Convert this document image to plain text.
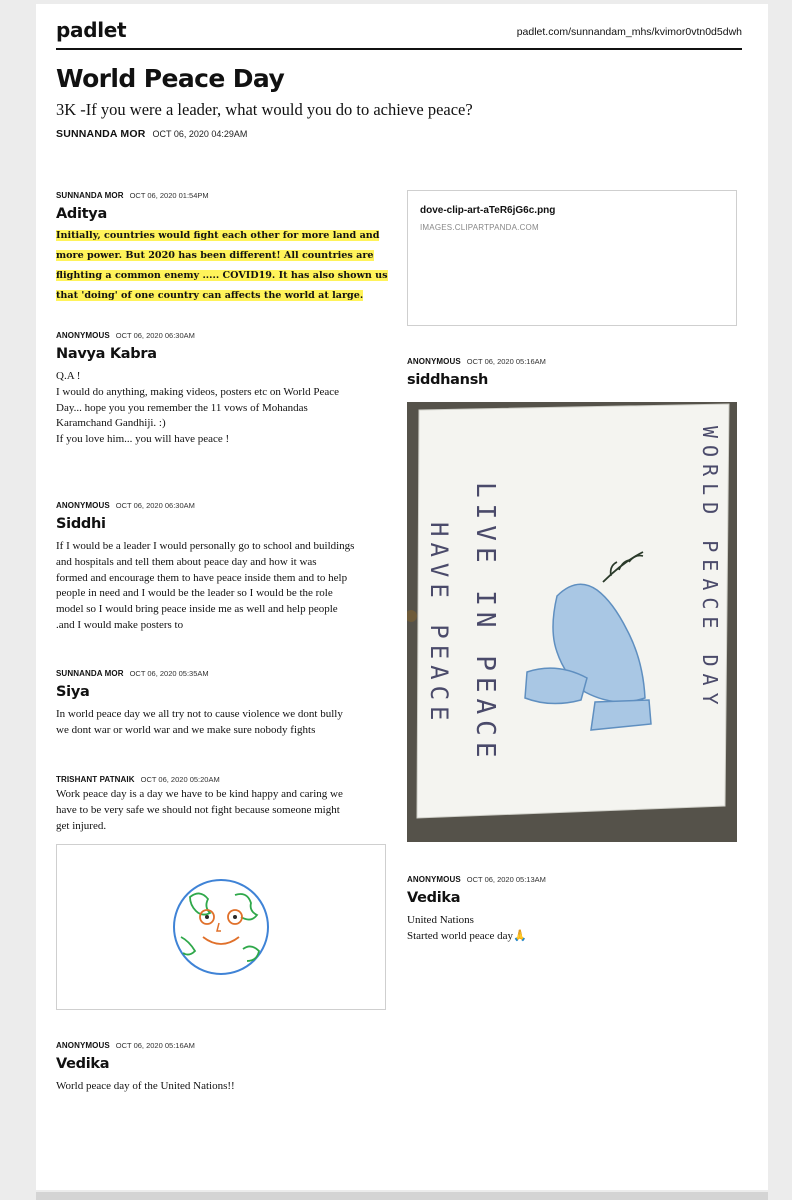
padlet	padlet.com/sunnandam_mhs/kvimor0vtn0d5dwh
World Peace Day
3K -If you were a leader, what would you do to achieve peace?
SUNNANDA MOR OCT 06, 2020 04:29AM
SUNNANDA MOR OCT 06, 2020 01:54PM
Aditya

Initially, countries would fight each other for more land and

more power. But 2020 has been different! All countries are

flighting a common enemy ..... COVID19. It has also shown us

that 'doing' of one country can affects the world at large.

ANONYMOUS OCT 06, 2020 06:30AM
Navya Kabra

Q.A !

I would do anything, making videos, posters etc on World Peace

Day... hope you you remember the 11 vows of Mohandas

Karamchand Gandhiji. :)

If you love him... you will have peace !

ANONYMOUS OCT 06, 2020 06:30AM
Siddhi

If I would be a leader I would personally go to school and buildings

and hospitals and tell them about peace day and how it was

formed and encourage them to have peace inside them and to help

people in need and I would be the leader so I would be the role

model so I would bring peace inside me as well and help people

.and I would make posters to

SUNNANDA MOR OCT 06, 2020 05:35AM
Siya

In world peace day we all try not to cause violence we dont bully

we dont war or world war and we make sure nobody fights

TRISHANT PATNAIK OCT 06, 2020 05:20AM

Work peace day is a day we have to be kind happy and caring we

have to be very safe we should not fight because someone might

get injured.

ANONYMOUS OCT 06, 2020 05:16AM
Vedika

World peace day of the United Nations!!

dove-clip-art-aTeR6jG6c.png
IMAGES.CLIPARTPANDA.COM
ANONYMOUS OCT 06, 2020 05:16AM
siddhansh
LIVE IN PEACE
HAVE PEACE	WORLD PEACE DAY
ANONYMOUS OCT 06, 2020 05:13AM
Vedika

United Nations

Started world peace day🙏
